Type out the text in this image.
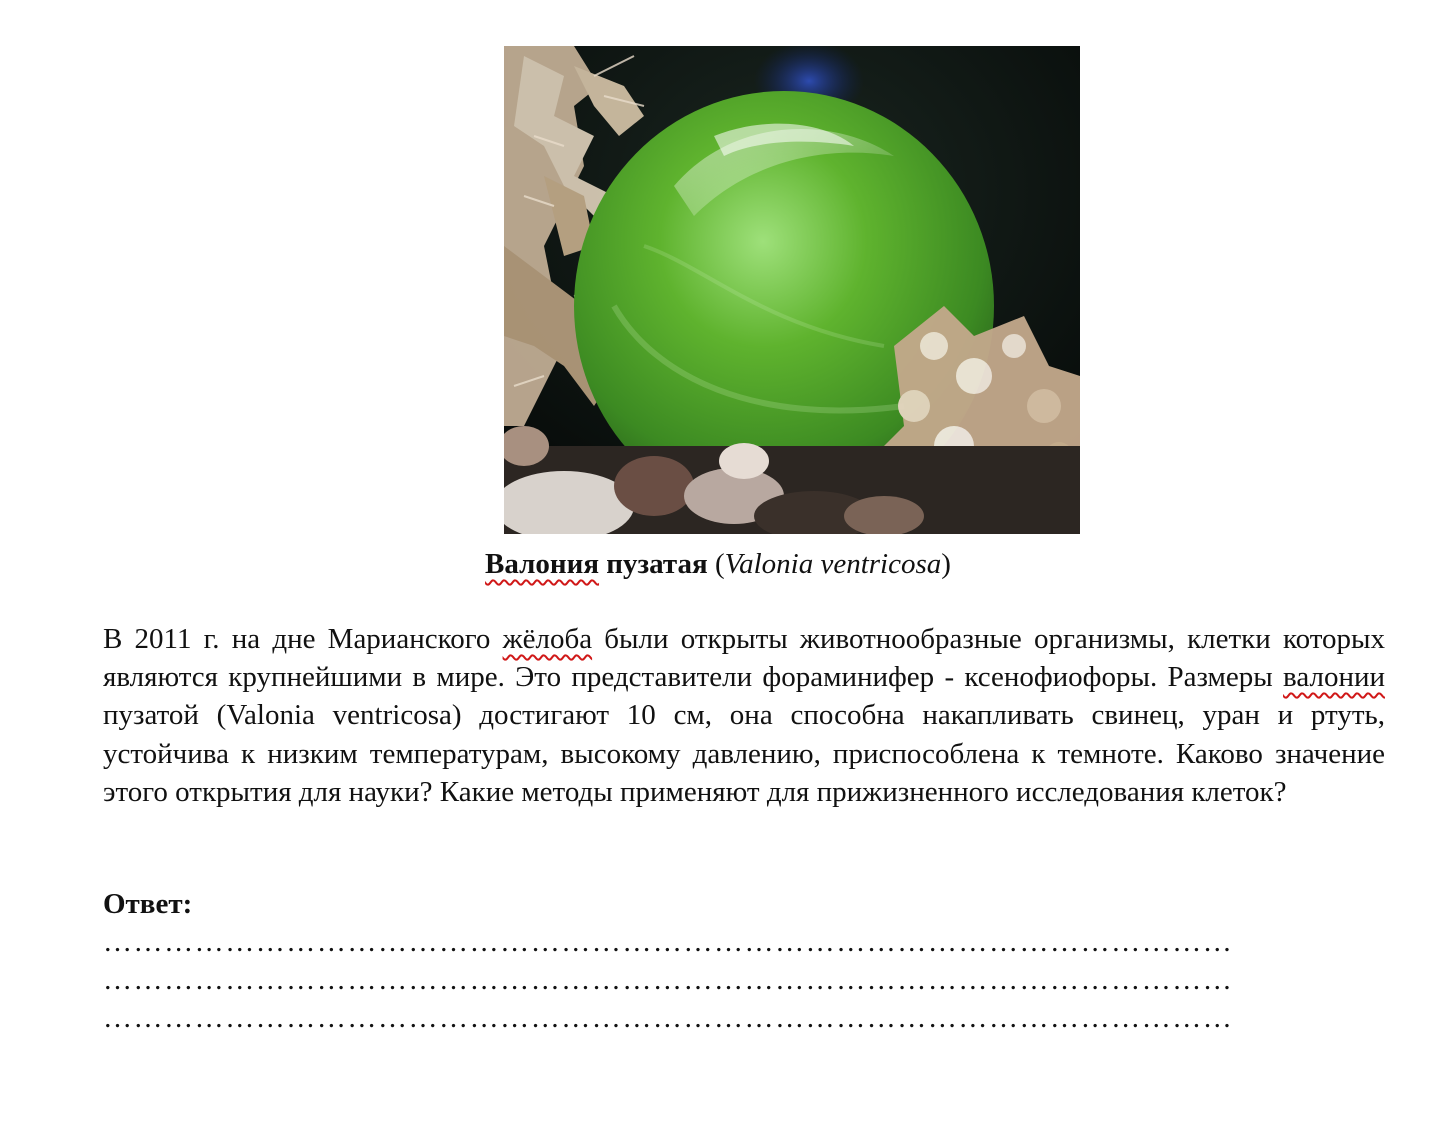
Валония пузатая (Valonia ventricosa)

В 2011 г. на дне Марианского жёлоба были открыты животнообразные организмы, клетки которых являются крупнейшими в мире. Это представители фораминифер - ксенофиофоры. Размеры валонии пузатой (Valonia ventricosa) достигают 10 см, она способна накапливать свинец, уран и ртуть, устойчива к низким температурам, высокому давлению, приспособлена к темноте. Каково значение этого открытия для науки? Какие методы применяют для прижизненного исследования клеток?

Ответ:

…………………………………………………………………………………………………
…………………………………………………………………………………………………
…………………………………………………………………………………………………
